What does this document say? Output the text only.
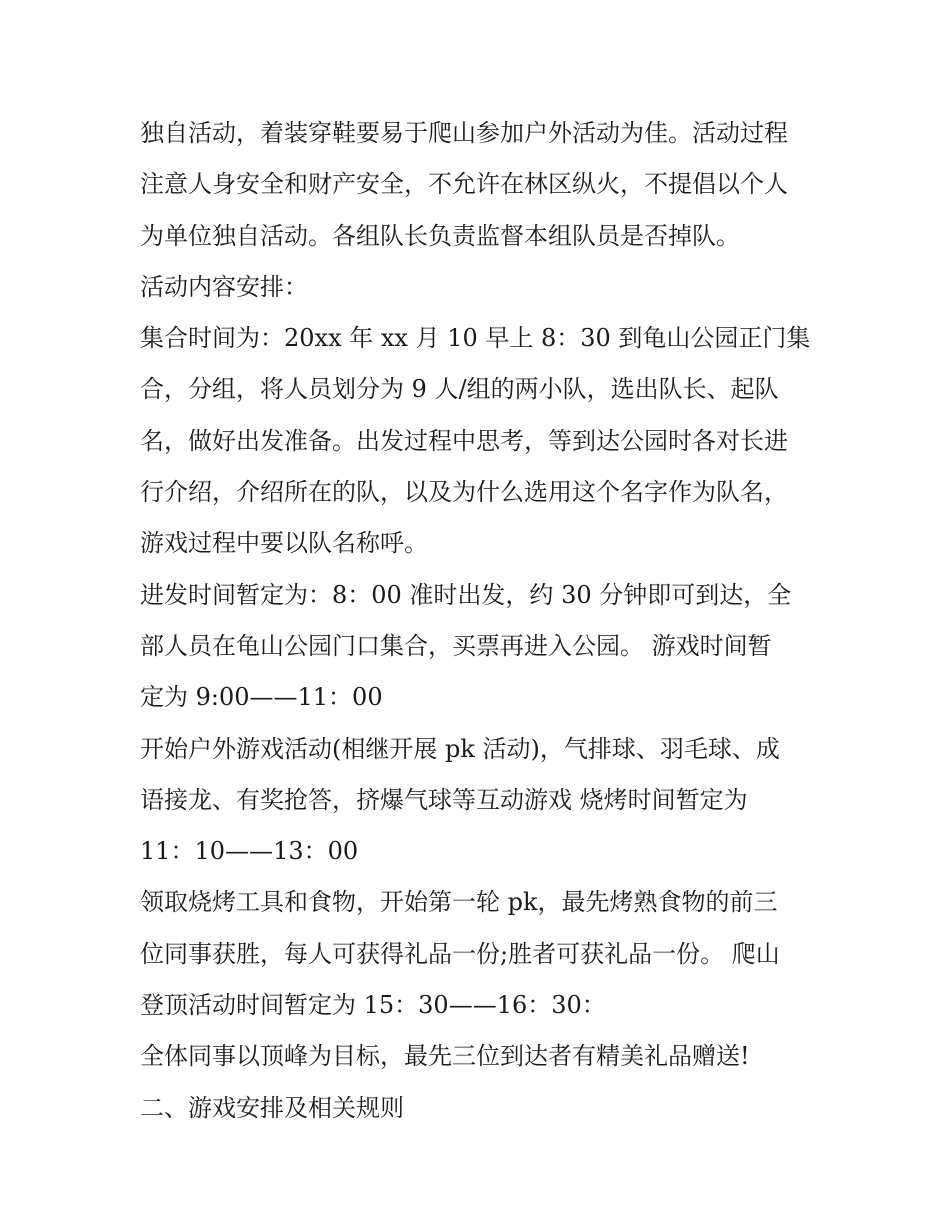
独自活动，着装穿鞋要易于爬山参加户外活动为佳。活动过程
注意人身安全和财产安全，不允许在林区纵火，不提倡以个人
为单位独自活动。各组队长负责监督本组队员是否掉队。
活动内容安排：
集合时间为：20xx 年 xx 月 10 早上 8：30 到龟山公园正门集
合，分组，将人员划分为 9 人/组的两小队，选出队长、起队
名，做好出发准备。出发过程中思考，等到达公园时各对长进
行介绍，介绍所在的队，以及为什么选用这个名字作为队名，
游戏过程中要以队名称呼。
进发时间暂定为：8：00 准时出发，约 30 分钟即可到达，全
部人员在龟山公园门口集合，买票再进入公园。 游戏时间暂
定为 9:00——11：00
开始户外游戏活动(相继开展 pk 活动)，气排球、羽毛球、成
语接龙、有奖抢答，挤爆气球等互动游戏 烧烤时间暂定为
11：10——13：00
领取烧烤工具和食物，开始第一轮 pk，最先烤熟食物的前三
位同事获胜，每人可获得礼品一份;胜者可获礼品一份。 爬山
登顶活动时间暂定为 15：30——16：30：
全体同事以顶峰为目标，最先三位到达者有精美礼品赠送!
二、游戏安排及相关规则
